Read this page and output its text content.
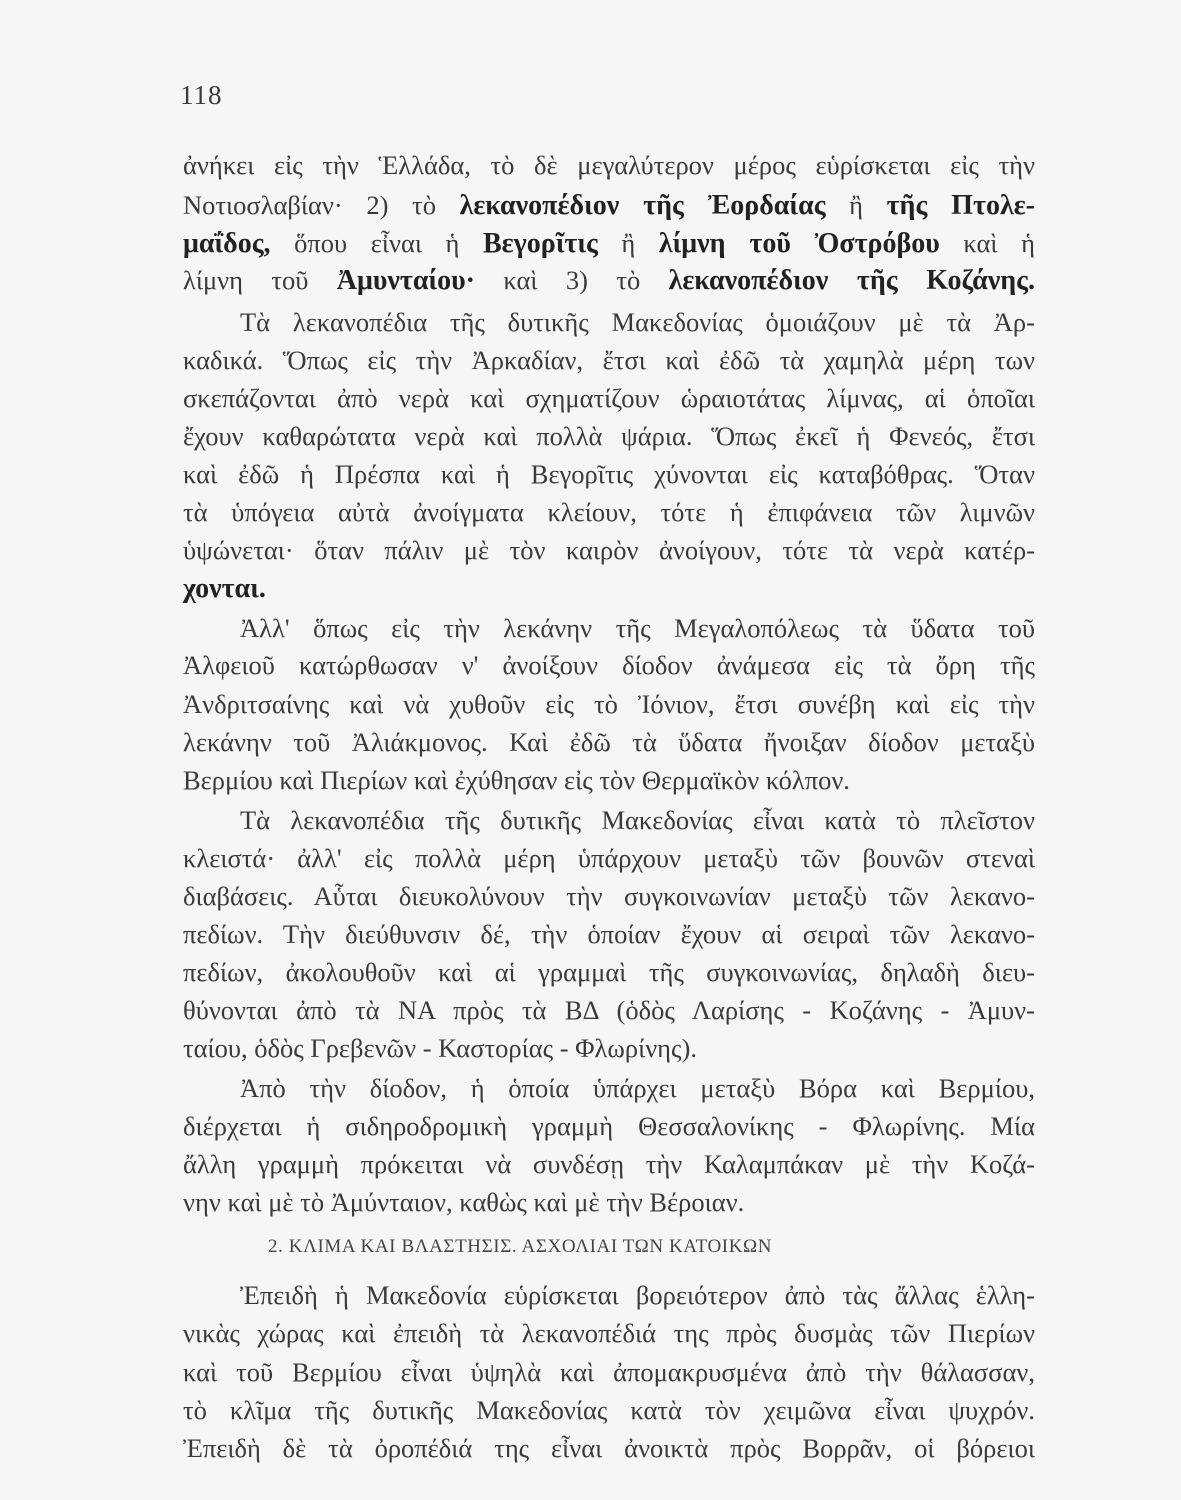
118
ἀνήκει εἰς τὴν Ἑλλάδα, τὸ δὲ μεγαλύτερον μέρος εὑρίσκεται εἰς τὴν
Νοτιοσλαβίαν· 2) τὸ λεκανοπέδιον τῆς Ἐορδαίας ἢ τῆς Πτολε-
μαΐδος, ὅπου εἶναι ἡ Βεγορῖτις ἢ λίμνη τοῦ Ὀστρόβου καὶ ἡ
λίμνη τοῦ Ἀμυνταίου· καὶ 3) τὸ λεκανοπέδιον τῆς Κοζάνης.
Τὰ λεκανοπέδια τῆς δυτικῆς Μακεδονίας ὁμοιάζουν μὲ τὰ Ἀρ-
καδικά. Ὅπως εἰς τὴν Ἀρκαδίαν, ἔτσι καὶ ἐδῶ τὰ χαμηλὰ μέρη των
σκεπάζονται ἀπὸ νερὰ καὶ σχηματίζουν ὡραιοτάτας λίμνας, αἱ ὁποῖαι
ἔχουν καθαρώτατα νερὰ καὶ πολλὰ ψάρια. Ὅπως ἐκεῖ ἡ Φενεός, ἔτσι
καὶ ἐδῶ ἡ Πρέσπα καὶ ἡ Βεγορῖτις χύνονται εἰς καταβόθρας. Ὅταν
τὰ ὑπόγεια αὐτὰ ἀνοίγματα κλείουν, τότε ἡ ἐπιφάνεια τῶν λιμνῶν
ὑψώνεται· ὅταν πάλιν μὲ τὸν καιρὸν ἀνοίγουν, τότε τὰ νερὰ κατέρ-
χονται.
Ἀλλ' ὅπως εἰς τὴν λεκάνην τῆς Μεγαλοπόλεως τὰ ὕδατα τοῦ
Ἀλφειοῦ κατώρθωσαν ν' ἀνοίξουν δίοδον ἀνάμεσα εἰς τὰ ὄρη τῆς
Ἀνδριτσαίνης καὶ νὰ χυθοῦν εἰς τὸ Ἰόνιον, ἔτσι συνέβη καὶ εἰς τὴν
λεκάνην τοῦ Ἀλιάκμονος. Καὶ ἐδῶ τὰ ὕδατα ἤνοιξαν δίοδον μεταξὺ
Βερμίου καὶ Πιερίων καὶ ἐχύθησαν εἰς τὸν Θερμαϊκὸν κόλπον.
Τὰ λεκανοπέδια τῆς δυτικῆς Μακεδονίας εἶναι κατὰ τὸ πλεῖστον
κλειστά· ἀλλ' εἰς πολλὰ μέρη ὑπάρχουν μεταξὺ τῶν βουνῶν στεναὶ
διαβάσεις. Αὗται διευκολύνουν τὴν συγκοινωνίαν μεταξὺ τῶν λεκανο-
πεδίων. Τὴν διεύθυνσιν δέ, τὴν ὁποίαν ἔχουν αἱ σειραὶ τῶν λεκανο-
πεδίων, ἀκολουθοῦν καὶ αἱ γραμμαὶ τῆς συγκοινωνίας, δηλαδὴ διευ-
θύνονται ἀπὸ τὰ ΝΑ πρὸς τὰ ΒΔ (ὁδὸς Λαρίσης - Κοζάνης - Ἀμυν-
ταίου, ὁδὸς Γρεβενῶν - Καστορίας - Φλωρίνης).
Ἀπὸ τὴν δίοδον, ἡ ὁποία ὑπάρχει μεταξὺ Βόρα καὶ Βερμίου,
διέρχεται ἡ σιδηροδρομικὴ γραμμὴ Θεσσαλονίκης - Φλωρίνης. Μία
ἄλλη γραμμὴ πρόκειται νὰ συνδέσῃ τὴν Καλαμπάκαν μὲ τὴν Κοζά-
νην καὶ μὲ τὸ Ἀμύνταιον, καθὼς καὶ μὲ τὴν Βέροιαν.
Ἐπειδὴ ἡ Μακεδονία εὑρίσκεται βορειότερον ἀπὸ τὰς ἄλλας ἑλλη-
νικὰς χώρας καὶ ἐπειδὴ τὰ λεκανοπέδιά της πρὸς δυσμὰς τῶν Πιερίων
καὶ τοῦ Βερμίου εἶναι ὑψηλὰ καὶ ἀπομακρυσμένα ἀπὸ τὴν θάλασσαν,
τὸ κλῖμα τῆς δυτικῆς Μακεδονίας κατὰ τὸν χειμῶνα εἶναι ψυχρόν.
Ἐπειδὴ δὲ τὰ ὀροπέδιά της εἶναι ἀνοικτὰ πρὸς Βορρᾶν, οἱ βόρειοι
2. ΚΛΙΜΑ ΚΑΙ ΒΛΑΣΤΗΣΙΣ. ΑΣΧΟΛΙΑΙ ΤΩΝ ΚΑΤΟΙΚΩΝ
